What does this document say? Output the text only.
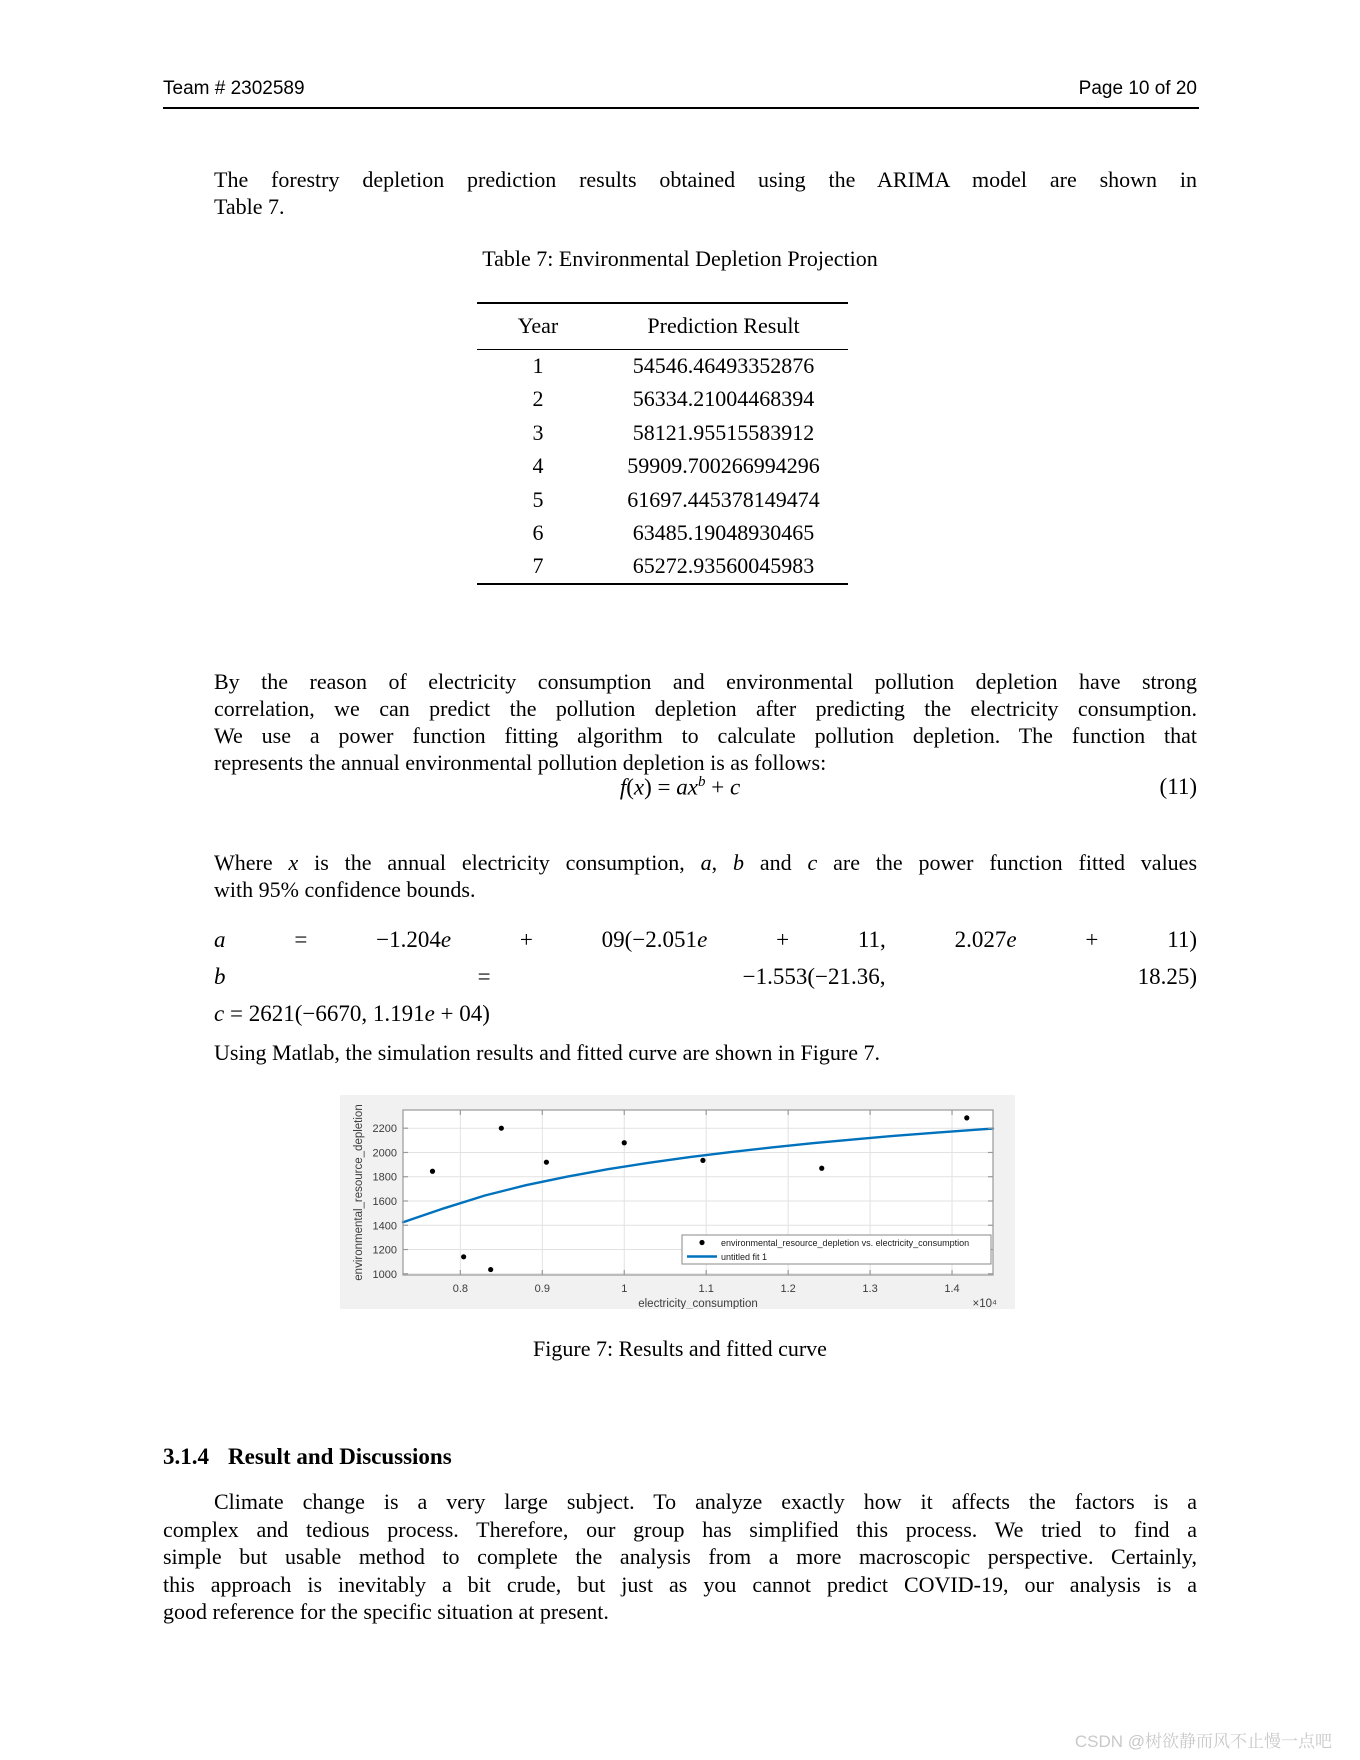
Team # 2302589	Page 10 of 20
The forestry depletion prediction results obtained using the ARIMA model are shown in
Table 7.
Table 7: Environmental Depletion Projection
Year	Prediction Result
1	54546.46493352876
2	56334.21004468394
3	58121.95515583912
4	59909.700266994296
5	61697.445378149474
6	63485.19048930465
7	65272.93560045983
By the reason of electricity consumption and environmental pollution depletion have strong
correlation, we can predict the pollution depletion after predicting the electricity consumption.
We use a power function fitting algorithm to calculate pollution depletion. The function that
represents the annual environmental pollution depletion is as follows:
$f(x) = ax^b + c$	(11)
Where x is the annual electricity consumption, a, b and c are the power function fitted values
with 95% confidence bounds.
a = −1.204e + 09(−2.051e + 11, 2.027e + 11)
b = −1.553(−21.36, 18.25)
c = 2621(−6670, 1.191e + 04)
Using Matlab, the simulation results and fitted curve are shown in Figure 7.
0.8	0.9	1	1.1	1.2	1.3	1.4
1000
1200
1400
1600
1800
2000
2200
electricity_consumption	×10⁴
environmental_resource_depletion	environmental_resource_depletion vs. electricity_consumption
untitled fit 1
Figure 7: Results and fitted curve
3.1.4 Result and Discussions
Climate change is a very large subject. To analyze exactly how it affects the factors is a
complex and tedious process. Therefore, our group has simplified this process. We tried to find a
simple but usable method to complete the analysis from a more macroscopic perspective. Certainly,
this approach is inevitably a bit crude, but just as you cannot predict COVID-19, our analysis is a
good reference for the specific situation at present.
CSDN @树欲静而风不止慢一点吧
